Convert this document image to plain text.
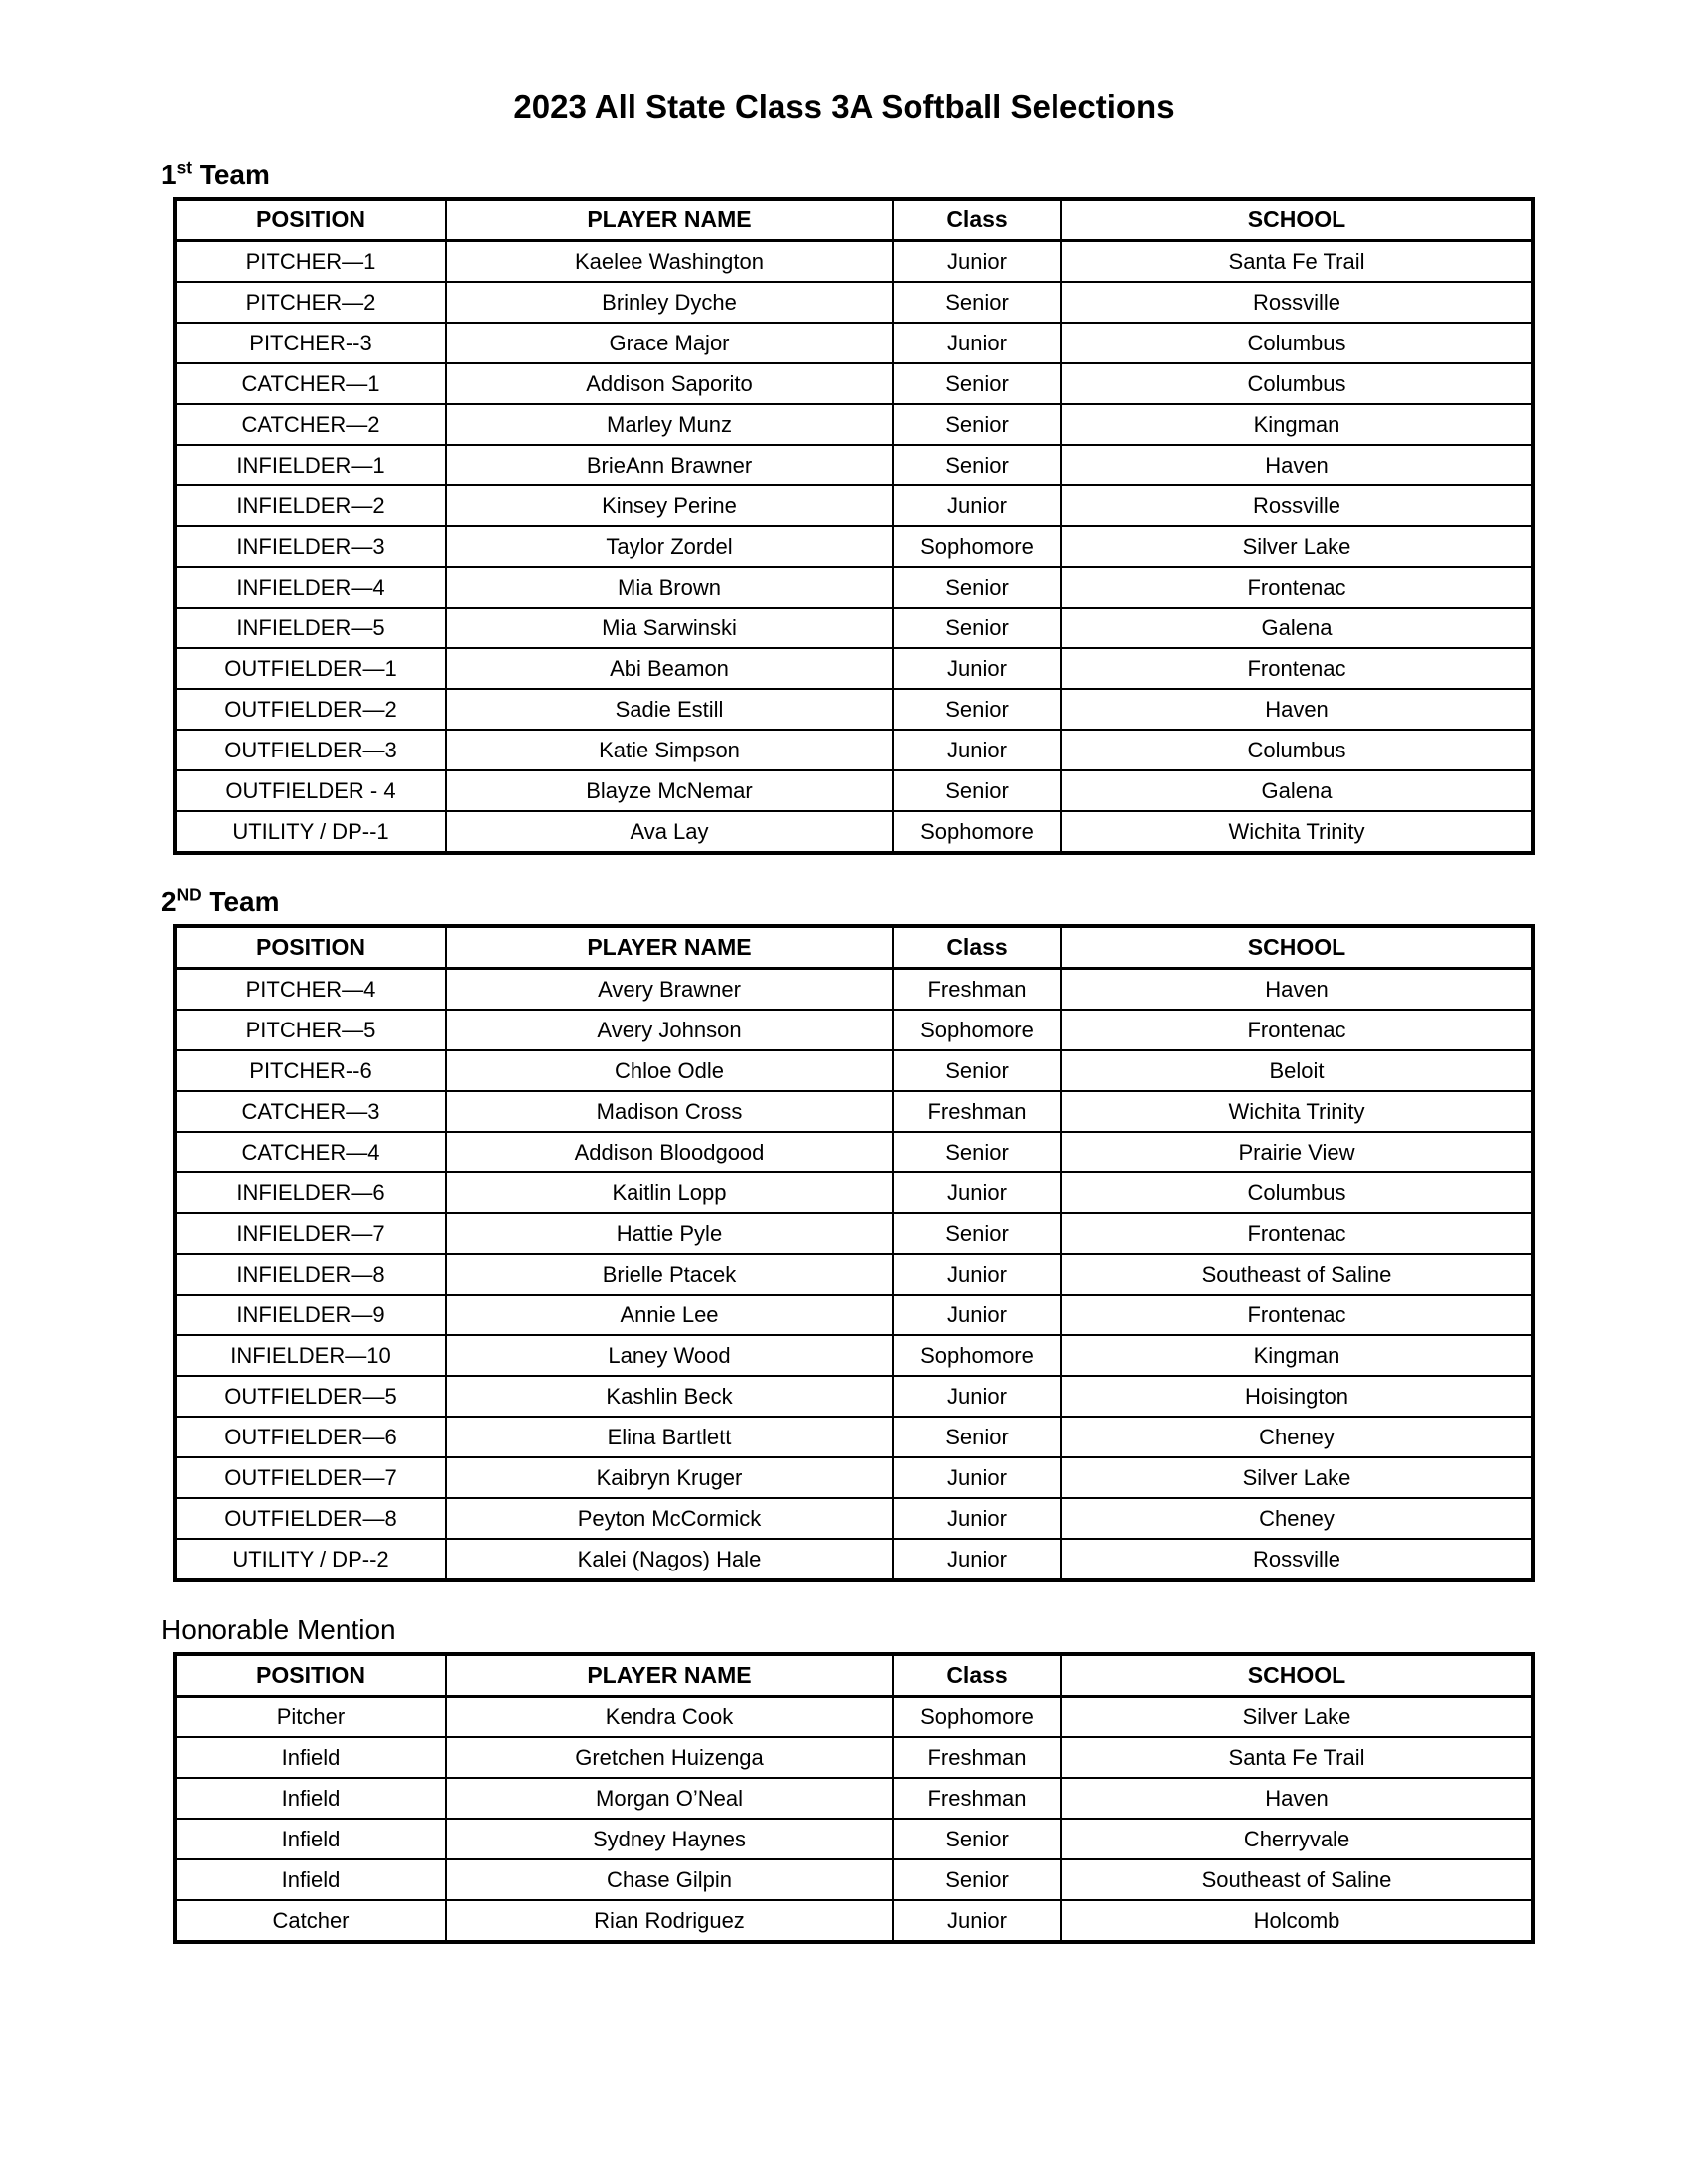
2023 All State Class 3A Softball Selections
1st Team
POSITION	PLAYER NAME	Class	SCHOOL
PITCHER—1	Kaelee Washington	Junior	Santa Fe Trail
PITCHER—2	Brinley Dyche	Senior	Rossville
PITCHER--3	Grace Major	Junior	Columbus
CATCHER—1	Addison Saporito	Senior	Columbus
CATCHER—2	Marley Munz	Senior	Kingman
INFIELDER—1	BrieAnn Brawner	Senior	Haven
INFIELDER—2	Kinsey Perine	Junior	Rossville
INFIELDER—3	Taylor Zordel	Sophomore	Silver Lake
INFIELDER—4	Mia Brown	Senior	Frontenac
INFIELDER—5	Mia Sarwinski	Senior	Galena
OUTFIELDER—1	Abi Beamon	Junior	Frontenac
OUTFIELDER—2	Sadie Estill	Senior	Haven
OUTFIELDER—3	Katie Simpson	Junior	Columbus
OUTFIELDER - 4	Blayze McNemar	Senior	Galena
UTILITY / DP--1	Ava Lay	Sophomore	Wichita Trinity
2ND Team
POSITION	PLAYER NAME	Class	SCHOOL
PITCHER—4	Avery Brawner	Freshman	Haven
PITCHER—5	Avery Johnson	Sophomore	Frontenac
PITCHER--6	Chloe Odle	Senior	Beloit
CATCHER—3	Madison Cross	Freshman	Wichita Trinity
CATCHER—4	Addison Bloodgood	Senior	Prairie View
INFIELDER—6	Kaitlin Lopp	Junior	Columbus
INFIELDER—7	Hattie Pyle	Senior	Frontenac
INFIELDER—8	Brielle Ptacek	Junior	Southeast of Saline
INFIELDER—9	Annie Lee	Junior	Frontenac
INFIELDER—10	Laney Wood	Sophomore	Kingman
OUTFIELDER—5	Kashlin Beck	Junior	Hoisington
OUTFIELDER—6	Elina Bartlett	Senior	Cheney
OUTFIELDER—7	Kaibryn Kruger	Junior	Silver Lake
OUTFIELDER—8	Peyton McCormick	Junior	Cheney
UTILITY / DP--2	Kalei (Nagos) Hale	Junior	Rossville
Honorable Mention
POSITION	PLAYER NAME	Class	SCHOOL
Pitcher	Kendra Cook	Sophomore	Silver Lake
Infield	Gretchen Huizenga	Freshman	Santa Fe Trail
Infield	Morgan O’Neal	Freshman	Haven
Infield	Sydney Haynes	Senior	Cherryvale
Infield	Chase Gilpin	Senior	Southeast of Saline
Catcher	Rian Rodriguez	Junior	Holcomb
